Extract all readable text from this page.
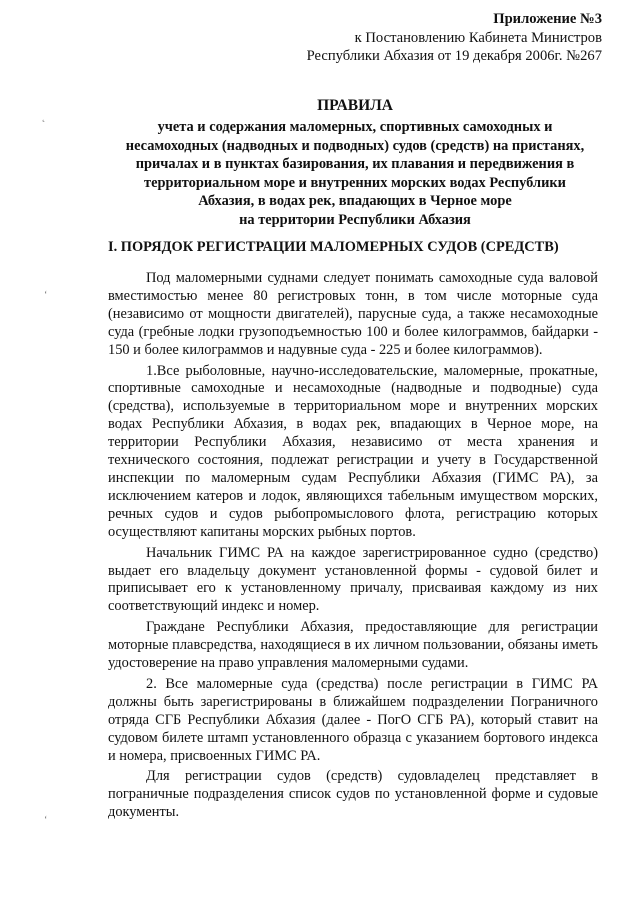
Приложение №3
к Постановлению Кабинета Министров
Республики Абхазия от 19 декабря 2006г. №267
ПРАВИЛА
учета и содержания маломерных, спортивных самоходных и
несамоходных (надводных и подводных) судов (средств) на пристанях,
причалах и в пунктах базирования, их плавания и передвижения в
территориальном море и внутренних морских водах Республики
Абхазия, в водах рек, впадающих в Черное море
на территории Республики Абхазия
I. ПОРЯДОК РЕГИСТРАЦИИ МАЛОМЕРНЫХ СУДОВ (СРЕДСТВ)

Под маломерными суднами следует понимать самоходные суда валовой вместимостью менее 80 регистровых тонн, в том числе моторные суда (независимо от мощности двигателей), парусные суда, а также несамоходные суда (гребные лодки грузоподъемностью 100 и более килограммов, байдарки - 150 и более килограммов и надувные суда - 225 и более килограммов).

1.Все рыболовные, научно-исследовательские, маломерные, прокатные, спортивные самоходные и несамоходные (надводные и подводные) суда (средства), используемые в территориальном море и внутренних морских водах Республики Абхазия, в водах рек, впадающих в Черное море, на территории Республики Абхазия, независимо от места хранения и технического состояния, подлежат регистрации и учету в Государственной инспекции по маломерным судам Республики Абхазия (ГИМС РА), за исключением катеров и лодок, являющихся табельным имуществом морских, речных судов и судов рыбопромыслового флота, регистрацию которых осуществляют капитаны морских рыбных портов.

Начальник ГИМС РА на каждое зарегистрированное судно (средство) выдает его владельцу документ установленной формы - судовой билет и приписывает его к установленному причалу, присваивая каждому из них соответствующий индекс и номер.

Граждане Республики Абхазия, предоставляющие для регистрации моторные плавсредства, находящиеся в их личном пользовании, обязаны иметь удостоверение на право управления маломерными судами.

2. Все маломерные суда (средства) после регистрации в ГИМС РА должны быть зарегистрированы в ближайшем подразделении Пограничного отряда СГБ Республики Абхазия (далее - ПогО СГБ РА), который ставит на судовом билете штамп установленного образца с указанием бортового индекса и номера, присвоенных ГИМС РА.

Для регистрации судов (средств) судовладелец представляет в пограничные подразделения список судов по установленной форме и судовые документы.

˛
ʻ
ʻ
